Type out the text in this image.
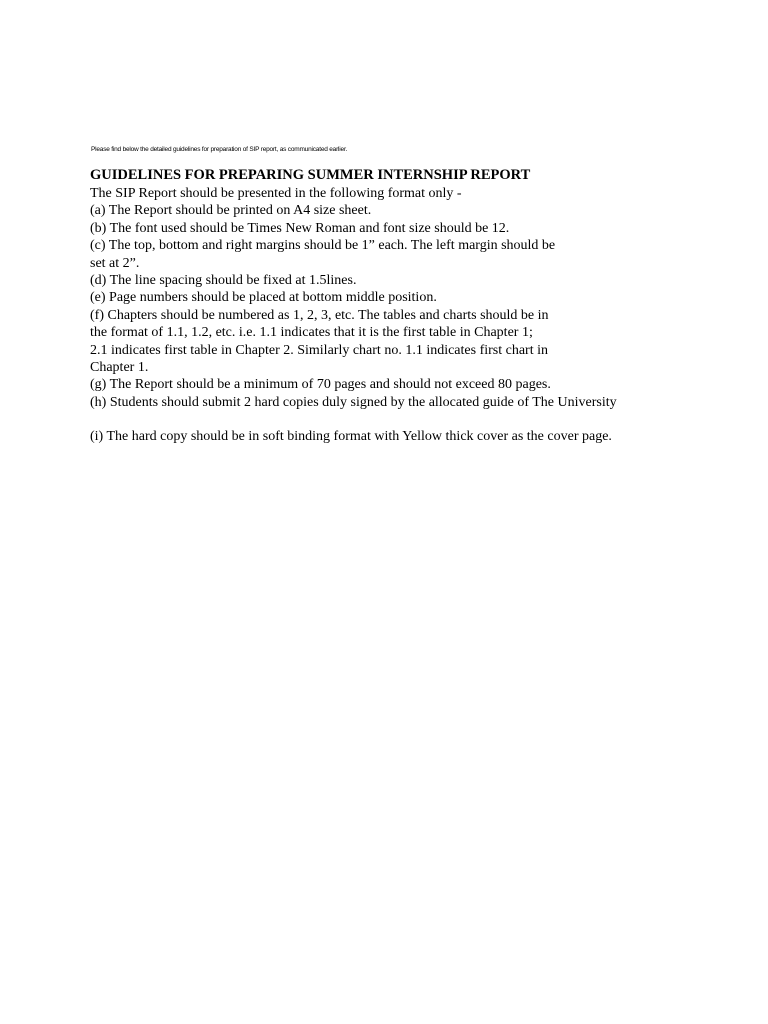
Please find below the detailed guidelines for preparation of SIP report, as communicated earlier.

GUIDELINES FOR PREPARING SUMMER INTERNSHIP REPORT

The SIP Report should be presented in the following format only -

(a) The Report should be printed on A4 size sheet.

(b) The font used should be Times New Roman and font size should be 12.

(c) The top, bottom and right margins should be 1” each. The left margin should be

set at 2”.

(d) The line spacing should be fixed at 1.5lines.

(e) Page numbers should be placed at bottom middle position.

(f) Chapters should be numbered as 1, 2, 3, etc. The tables and charts should be in

the format of 1.1, 1.2, etc. i.e. 1.1 indicates that it is the first table in Chapter 1;

2.1 indicates first table in Chapter 2. Similarly chart no. 1.1 indicates first chart in

Chapter 1.

(g) The Report should be a minimum of 70 pages and should not exceed 80 pages.

(h) Students should submit 2 hard copies duly signed by the allocated guide of The University

(i) The hard copy should be in soft binding format with Yellow thick cover as the cover page.
